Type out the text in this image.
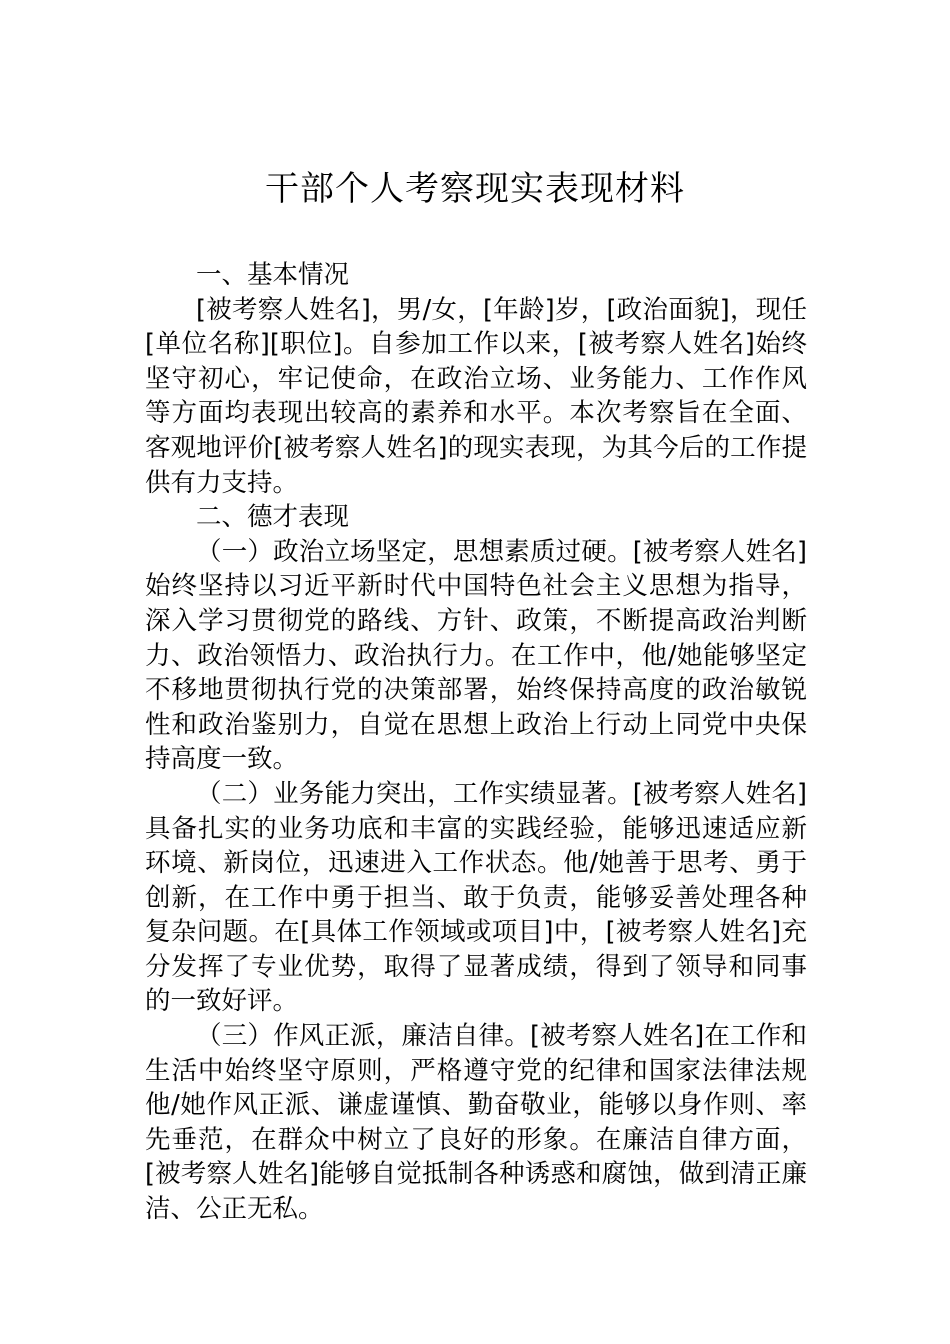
干部个人考察现实表现材料

一、基本情况

[被考察人姓名]，男/女，[年龄]岁，[政治面貌]，现任[单位名称][职位]。自参加工作以来，[被考察人姓名]始终坚守初心，牢记使命，在政治立场、业务能力、工作作风等方面均表现出较高的素养和水平。本次考察旨在全面、客观地评价[被考察人姓名]的现实表现，为其今后的工作提供有力支持。

二、德才表现

（一）政治立场坚定，思想素质过硬。[被考察人姓名]始终坚持以习近平新时代中国特色社会主义思想为指导，深入学习贯彻党的路线、方针、政策，不断提高政治判断力、政治领悟力、政治执行力。在工作中，他/她能够坚定不移地贯彻执行党的决策部署，始终保持高度的政治敏锐性和政治鉴别力，自觉在思想上政治上行动上同党中央保持高度一致。

（二）业务能力突出，工作实绩显著。[被考察人姓名]具备扎实的业务功底和丰富的实践经验，能够迅速适应新环境、新岗位，迅速进入工作状态。他/她善于思考、勇于创新，在工作中勇于担当、敢于负责，能够妥善处理各种复杂问题。在[具体工作领域或项目]中，[被考察人姓名]充分发挥了专业优势，取得了显著成绩，得到了领导和同事的一致好评。

（三）作风正派，廉洁自律。[被考察人姓名]在工作和生活中始终坚守原则，严格遵守党的纪律和国家法律法规他/她作风正派、谦虚谨慎、勤奋敬业，能够以身作则、率先垂范，在群众中树立了良好的形象。在廉洁自律方面，[被考察人姓名]能够自觉抵制各种诱惑和腐蚀，做到清正廉洁、公正无私。
